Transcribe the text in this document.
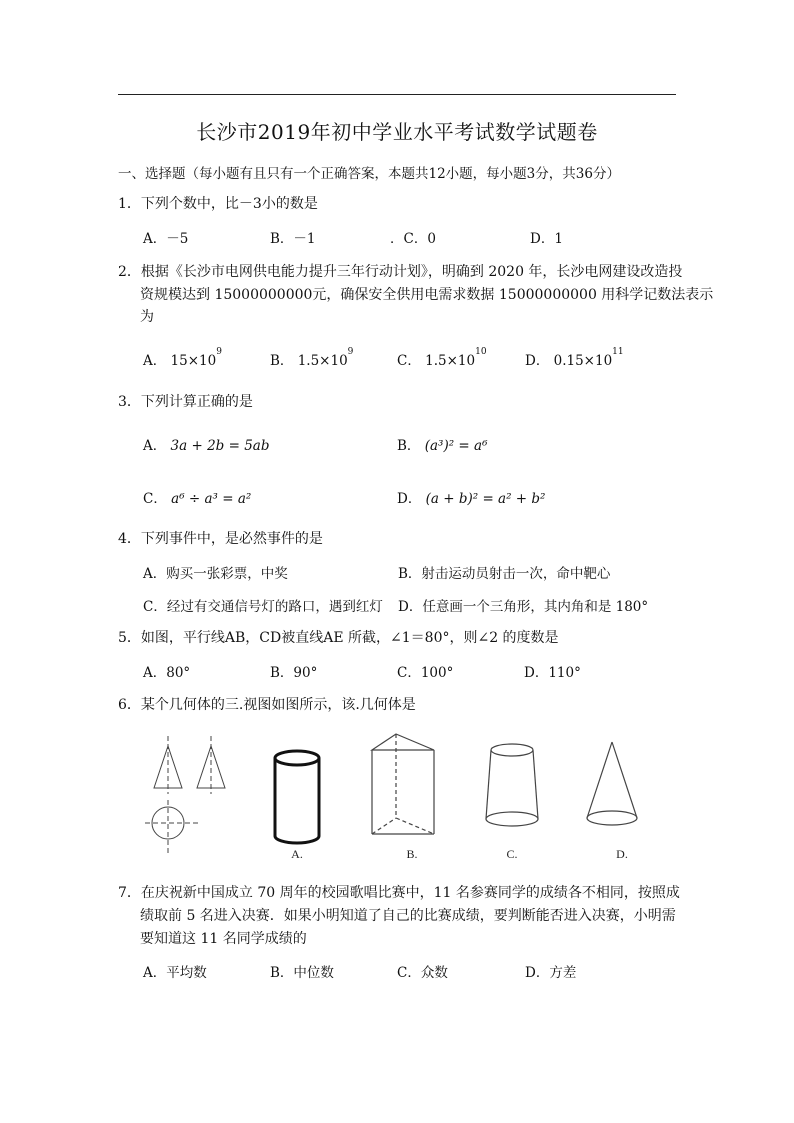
长沙市2019年初中学业水平考试数学试题卷
一、选择题（每小题有且只有一个正确答案，本题共12小题，每小题3分，共36分）
1．下列个数中，比－3小的数是
A．－5	B．－1	．C．0	D．1
2．根据《长沙市电网供电能力提升三年行动计划》，明确到 2020 年，长沙电网建设改造投
资规模达到 15000000000元，确保安全供用电需求数据 15000000000 用科学记数法表示
为
A． $15\times 10^9$
B． $1.5\times 10^9$
C． $1.5\times 10^{10}$
D． $0.15\times 10^{11}$
3．下列计算正确的是
A． 3a + 2b = 5ab	B． (a³)² = a⁶
C． a⁶ ÷ a³ = a²	D． (a + b)² = a² + b²
4．下列事件中，是必然事件的是
A．购买一张彩票，中奖	B．射击运动员射击一次，命中靶心
C．经过有交通信号灯的路口，遇到红灯 D．任意画一个三角形，其内角和是 180°
5．如图，平行线AB，CD被直线AE 所截，∠1＝80°，则∠2 的度数是
A．80°	B．90°	C．100°	D．110°
6．某个几何体的三.视图如图所示，该.几何体是
A.	B.	C.	D.
7．在庆祝新中国成立 70 周年的校园歌唱比赛中，11 名参赛同学的成绩各不相同，按照成
绩取前 5 名进入决赛．如果小明知道了自己的比赛成绩，要判断能否进入决赛，小明需
要知道这 11 名同学成绩的
A．平均数	B．中位数	C．众数	D．方差
